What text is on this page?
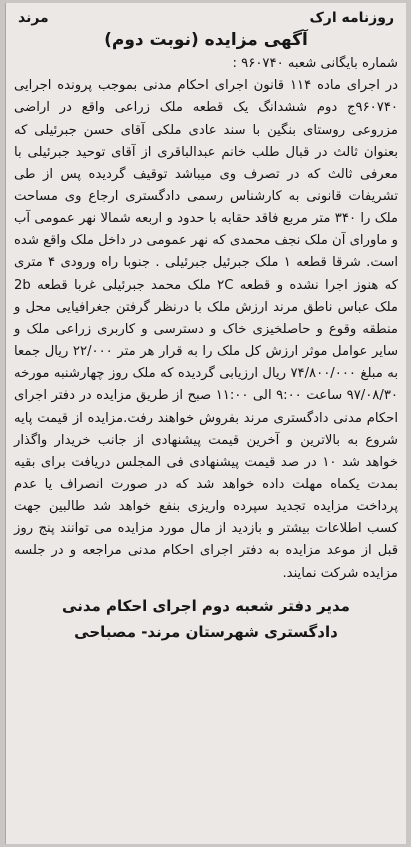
روزنامه ارک
مرند
آگهی مزایده (نوبت دوم)
شماره بایگانی شعبه ۹۶۰۷۴۰ :

در اجرای ماده ۱۱۴ قانون اجرای احکام مدنی بموجب پرونده اجرایی ۹۶۰۷۴۰ج دوم ششدانگ یک قطعه ملک زراعی واقع در اراضی مزروعی روستای بنگین با سند عادی ملکی آقای حسن جبرئیلی که بعنوان ثالث در قبال طلب خانم عبدالباقری از آقای توحید جبرئیلی با معرفی ثالث که در تصرف وی میباشد توقیف گردیده پس از طی تشریفات قانونی به کارشناس رسمی دادگستری ارجاع وی مساحت ملک را ۳۴۰ متر مربع فاقد حقابه با حدود و اربعه شمالا نهر عمومی آب و ماورای آن ملک نجف محمدی که نهر عمومی در داخل ملک واقع شده است. شرقا قطعه ۱ ملک جبرئیل جبرئیلی . جنوبا راه ورودی ۴ متری که هنوز اجرا نشده و قطعه ۲C ملک محمد جبرئیلی غربا قطعه 2b ملک عباس ناطق مرند ارزش ملک با درنظر گرفتن جغرافیایی محل و منطقه وقوع و حاصلخیزی خاک و دسترسی و کاربری زراعی ملک و سایر عوامل موثر ارزش کل ملک را به قرار هر متر ۲۲/۰۰۰ ریال جمعا به مبلغ ۷۴/۸۰۰/۰۰۰ ریال ارزیابی گردیده که ملک روز چهارشنبه مورخه ۹۷/۰۸/۳۰ ساعت ۹:۰۰ الی ۱۱:۰۰ صبح از طریق مزایده در دفتر اجرای احکام مدنی دادگستری مرند بفروش خواهند رفت.مزایده از قیمت پایه شروع به بالاترین و آخرین قیمت پیشنهادی از جانب خریدار واگذار خواهد شد ۱۰ در صد قیمت پیشنهادی فی المجلس دریافت برای بقیه بمدت یکماه مهلت داده خواهد شد که در صورت انصراف یا عدم پرداخت مزایده تجدید سپرده واریزی بنفع خواهد شد طالبین جهت کسب اطلاعات بیشتر و بازدید از مال مورد مزایده می توانند پنج روز قبل از موعد مزایده به دفتر اجرای احکام مدنی مراجعه و در جلسه مزایده شرکت نمایند.

مدیر دفتر شعبه دوم اجرای احکام مدنی
دادگستری شهرستان مرند- مصباحی
